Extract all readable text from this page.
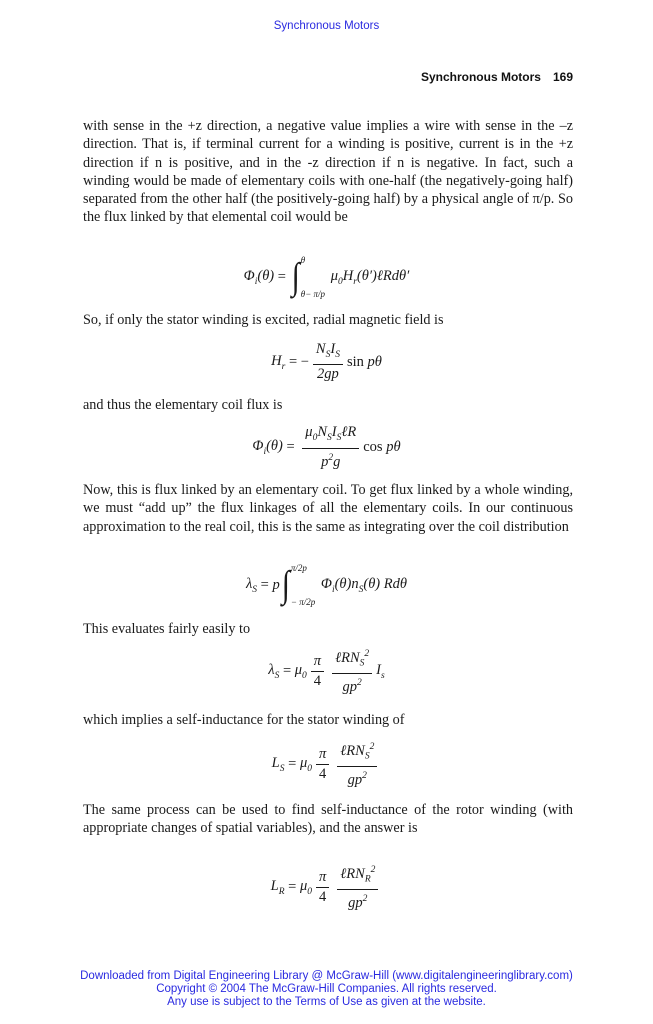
Synchronous Motors
Synchronous Motors 169

with sense in the +z direction, a negative value implies a wire with sense in the –z direction. That is, if terminal current for a winding is positive, current is in the +z direction if n is positive, and in the -z direction if n is negative. In fact, such a winding would be made of elementary coils with one-half (the negatively-going half) separated from the other half (the positively-going half) by a physical angle of π/p. So the flux linked by that elemental coil would be

$\Phi_i(\theta)$ = ∫ θ
θ− π/p
$\mu_0H_r(\theta')\ell Rd\theta'$

So, if only the stator winding is excited, radial magnetic field is

$H_r$ = − $\frac{N_SI_S}{2gp}$ sin pθ

and thus the elementary coil flux is

$\Phi_i(\theta) = \frac{\mu_0N_SI_S\ell R}{p^2g}$ cos pθ

Now, this is flux linked by an elementary coil. To get flux linked by a whole winding, we must “add up” the flux linkages of all the elementary coils. In our continuous approximation to the real coil, this is the same as integrating over the coil distribution

$\lambda_S = p$ ∫ π/2p
− π/2p
$\Phi_i(\theta)n_S(\theta)$ Rdθ

This evaluates fairly easily to

$\lambda_S = \mu_0 \frac{\pi}{4} \frac{\ell RN_S^2}{gp^2} I_s$

which implies a self-inductance for the stator winding of

$L_S = \mu_0 \frac{\pi}{4} \frac{\ell RN_S^2}{gp^2}$

The same process can be used to find self-inductance of the rotor winding (with appropriate changes of spatial variables), and the answer is

$L_R = \mu_0 \frac{\pi}{4} \frac{\ell RN_R^2}{gp^2}$
Downloaded from Digital Engineering Library @ McGraw-Hill (www.digitalengineeringlibrary.com)
Copyright © 2004 The McGraw-Hill Companies. All rights reserved.
Any use is subject to the Terms of Use as given at the website.
